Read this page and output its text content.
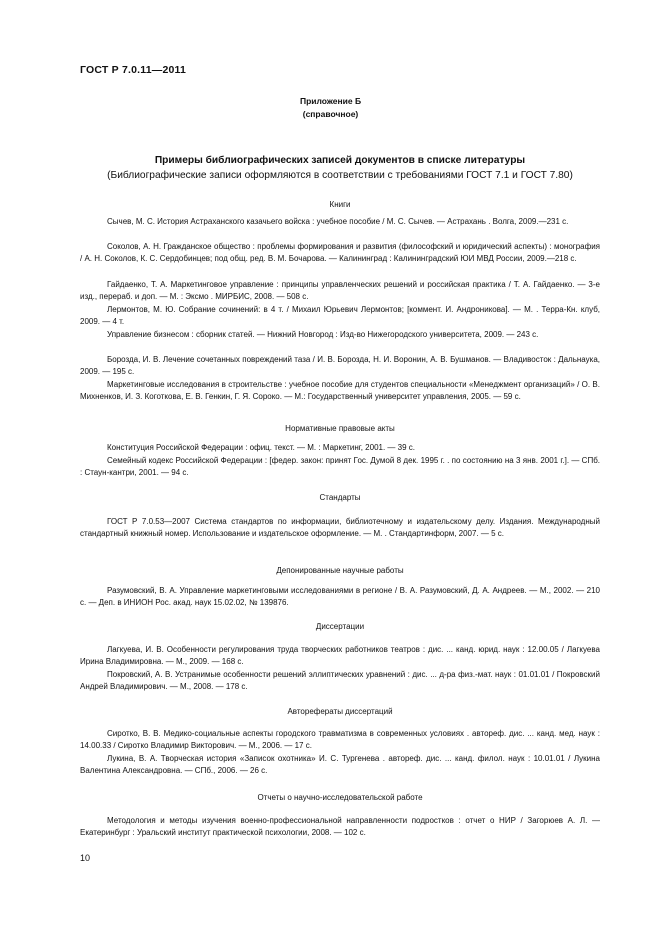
ГОСТ Р 7.0.11—2011
Приложение Б
(справочное)
Примеры библиографических записей документов в списке литературы
(Библиографические записи оформляются в соответствии с требованиями ГОСТ 7.1 и ГОСТ 7.80)
Книги

Сычев, М. С. История Астраханского казачьего войска : учебное пособие / М. С. Сычев. — Астрахань . Волга, 2009.—231 с.

Соколов, А. Н. Гражданское общество : проблемы формирования и развития (философский и юридический аспекты) : монография / А. Н. Соколов, К. С. Сердобинцев; под общ. ред. В. М. Бочарова. — Калининград : Калининградский ЮИ МВД России, 2009.—218 с.

Гайдаенко, Т. А. Маркетинговое управление : принципы управленческих решений и российская практика / Т. А. Гайдаенко. — 3-е изд., перераб. и доп. — М. : Эксмо . МИРБИС, 2008. — 508 с.

Лермонтов, М. Ю. Собрание сочинений: в 4 т. / Михаил Юрьевич Лермонтов; [коммент. И. Андроникова]. — М. . Терра-Кн. клуб, 2009. — 4 т.

Управление бизнесом : сборник статей. — Нижний Новгород : Изд-во Нижегородского университета, 2009. — 243 с.

Борозда, И. В. Лечение сочетанных повреждений таза / И. В. Борозда, Н. И. Воронин, А. В. Бушманов. — Владивосток : Дальнаука, 2009. — 195 с.

Маркетинговые исследования в строительстве : учебное пособие для студентов специальности «Менеджмент организаций» / О. В. Михненков, И. З. Коготкова, Е. В. Генкин, Г. Я. Сороко. — М.: Государственный университет управления, 2005. — 59 с.

Нормативные правовые акты

Конституция Российской Федерации : офиц. текст. — М. : Маркетинг, 2001. — 39 с.

Семейный кодекс Российской Федерации : [федер. закон: принят Гос. Думой 8 дек. 1995 г. . по состоянию на 3 янв. 2001 г.]. — СПб. : Стаун-кантри, 2001. — 94 с.

Стандарты

ГОСТ Р 7.0.53—2007 Система стандартов по информации, библиотечному и издательскому делу. Издания. Международный стандартный книжный номер. Использование и издательское оформление. — М. . Стандартинформ, 2007. — 5 с.

Депонированные научные работы

Разумовский, В. А. Управление маркетинговыми исследованиями в регионе / В. А. Разумовский, Д. А. Андреев. — М., 2002. — 210 с. — Деп. в ИНИОН Рос. акад. наук 15.02.02, № 139876.

Диссертации

Лагкуева, И. В. Особенности регулирования труда творческих работников театров : дис. ... канд. юрид. наук : 12.00.05 / Лагкуева Ирина Владимировна. — М., 2009. — 168 с.

Покровский, А. В. Устранимые особенности решений эллиптических уравнений : дис. ... д-ра физ.-мат. наук : 01.01.01 / Покровский Андрей Владимирович. — М., 2008. — 178 с.

Авторефераты диссертаций

Сиротко, В. В. Медико-социальные аспекты городского травматизма в современных условиях . автореф. дис. ... канд. мед. наук : 14.00.33 / Сиротко Владимир Викторович. — М., 2006. — 17 с.

Лукина, В. А. Творческая история «Записок охотника» И. С. Тургенева . автореф. дис. ... канд. филол. наук : 10.01.01 / Лукина Валентина Александровна. — СПб., 2006. — 26 с.

Отчеты о научно-исследовательской работе

Методология и методы изучения военно-профессиональной направленности подростков : отчет о НИР / Загорюев А. Л. — Екатеринбург : Уральский институт практической психологии, 2008. — 102 с.

10
